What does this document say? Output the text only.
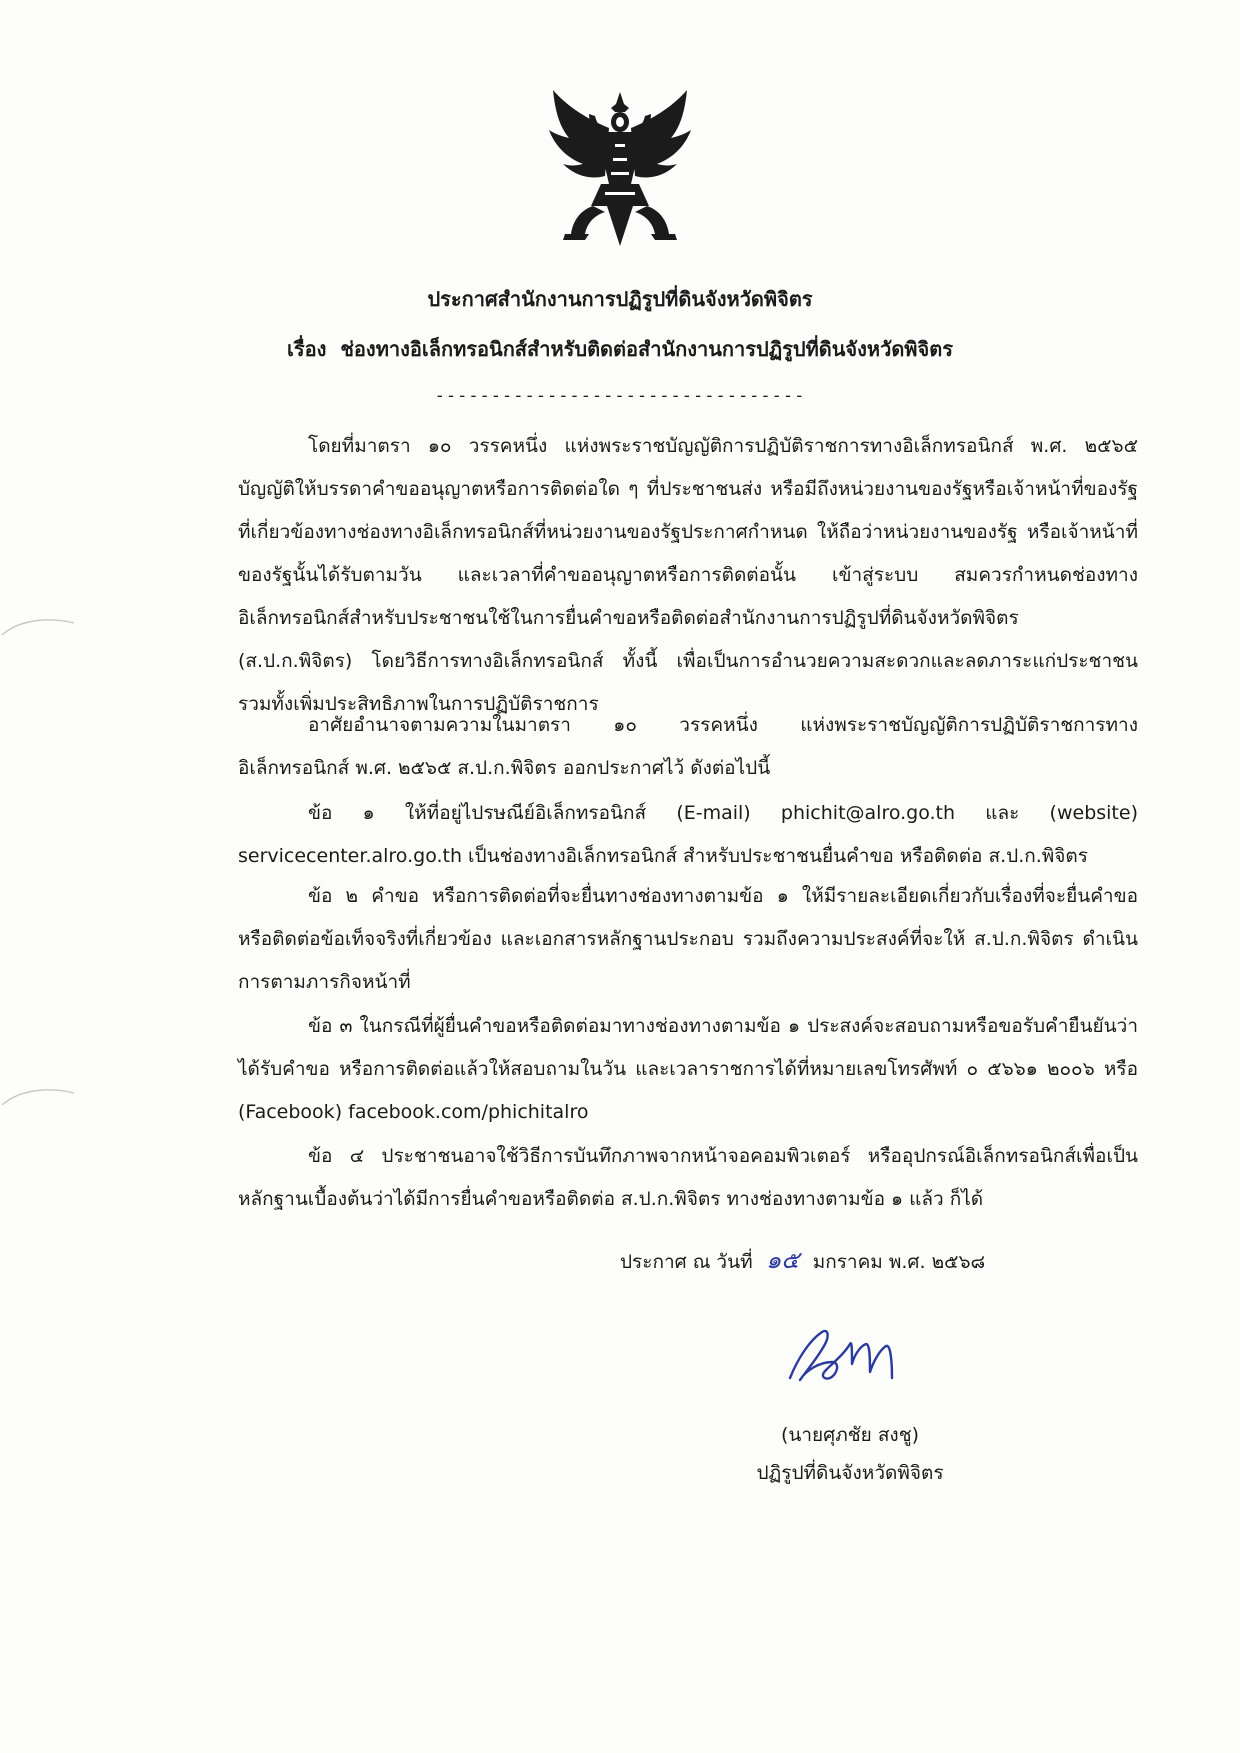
ประกาศสำนักงานการปฏิรูปที่ดินจังหวัดพิจิตร
เรื่อง ช่องทางอิเล็กทรอนิกส์สำหรับติดต่อสำนักงานการปฏิรูปที่ดินจังหวัดพิจิตร
---------------------------------
โดยที่มาตรา ๑๐ วรรคหนึ่ง แห่งพระราชบัญญัติการปฏิบัติราชการทางอิเล็กทรอนิกส์ พ.ศ. ๒๕๖๕ บัญญัติให้บรรดาคำขออนุญาตหรือการติดต่อใด ๆ ที่ประชาชนส่ง หรือมีถึงหน่วยงานของรัฐหรือเจ้าหน้าที่ของรัฐที่เกี่ยวข้องทางช่องทางอิเล็กทรอนิกส์ที่หน่วยงานของรัฐประกาศกำหนด ให้ถือว่าหน่วยงานของรัฐ หรือเจ้าหน้าที่ของรัฐนั้นได้รับตามวัน และเวลาที่คำขออนุญาตหรือการติดต่อนั้น เข้าสู่ระบบ สมควรกำหนดช่องทางอิเล็กทรอนิกส์สำหรับประชาชนใช้ในการยื่นคำขอหรือติดต่อสำนักงานการปฏิรูปที่ดินจังหวัดพิจิตร (ส.ป.ก.พิจิตร) โดยวิธีการทางอิเล็กทรอนิกส์ ทั้งนี้ เพื่อเป็นการอำนวยความสะดวกและลดภาระแก่ประชาชน รวมทั้งเพิ่มประสิทธิภาพในการปฏิบัติราชการ
อาศัยอำนาจตามความในมาตรา ๑๐ วรรคหนึ่ง แห่งพระราชบัญญัติการปฏิบัติราชการทางอิเล็กทรอนิกส์ พ.ศ. ๒๕๖๕ ส.ป.ก.พิจิตร ออกประกาศไว้ ดังต่อไปนี้
ข้อ ๑ ให้ที่อยู่ไปรษณีย์อิเล็กทรอนิกส์ (E-mail) phichit@alro.go.th และ (website) servicecenter.alro.go.th เป็นช่องทางอิเล็กทรอนิกส์ สำหรับประชาชนยื่นคำขอ หรือติดต่อ ส.ป.ก.พิจิตร
ข้อ ๒ คำขอ หรือการติดต่อที่จะยื่นทางช่องทางตามข้อ ๑ ให้มีรายละเอียดเกี่ยวกับเรื่องที่จะยื่นคำขอ หรือติดต่อข้อเท็จจริงที่เกี่ยวข้อง และเอกสารหลักฐานประกอบ รวมถึงความประสงค์ที่จะให้ ส.ป.ก.พิจิตร ดำเนินการตามภารกิจหน้าที่
ข้อ ๓ ในกรณีที่ผู้ยื่นคำขอหรือติดต่อมาทางช่องทางตามข้อ ๑ ประสงค์จะสอบถามหรือขอรับคำยืนยันว่าได้รับคำขอ หรือการติดต่อแล้วให้สอบถามในวัน และเวลาราชการได้ที่หมายเลขโทรศัพท์ ๐ ๕๖๖๑ ๒๐๐๖ หรือ (Facebook) facebook.com/phichitalro
ข้อ ๔ ประชาชนอาจใช้วิธีการบันทึกภาพจากหน้าจอคอมพิวเตอร์ หรืออุปกรณ์อิเล็กทรอนิกส์เพื่อเป็นหลักฐานเบื้องต้นว่าได้มีการยื่นคำขอหรือติดต่อ ส.ป.ก.พิจิตร ทางช่องทางตามข้อ ๑ แล้ว ก็ได้
ประกาศ ณ วันที่ ๑๕ มกราคม พ.ศ. ๒๕๖๘
(นายศุภชัย สงชู)
ปฏิรูปที่ดินจังหวัดพิจิตร
